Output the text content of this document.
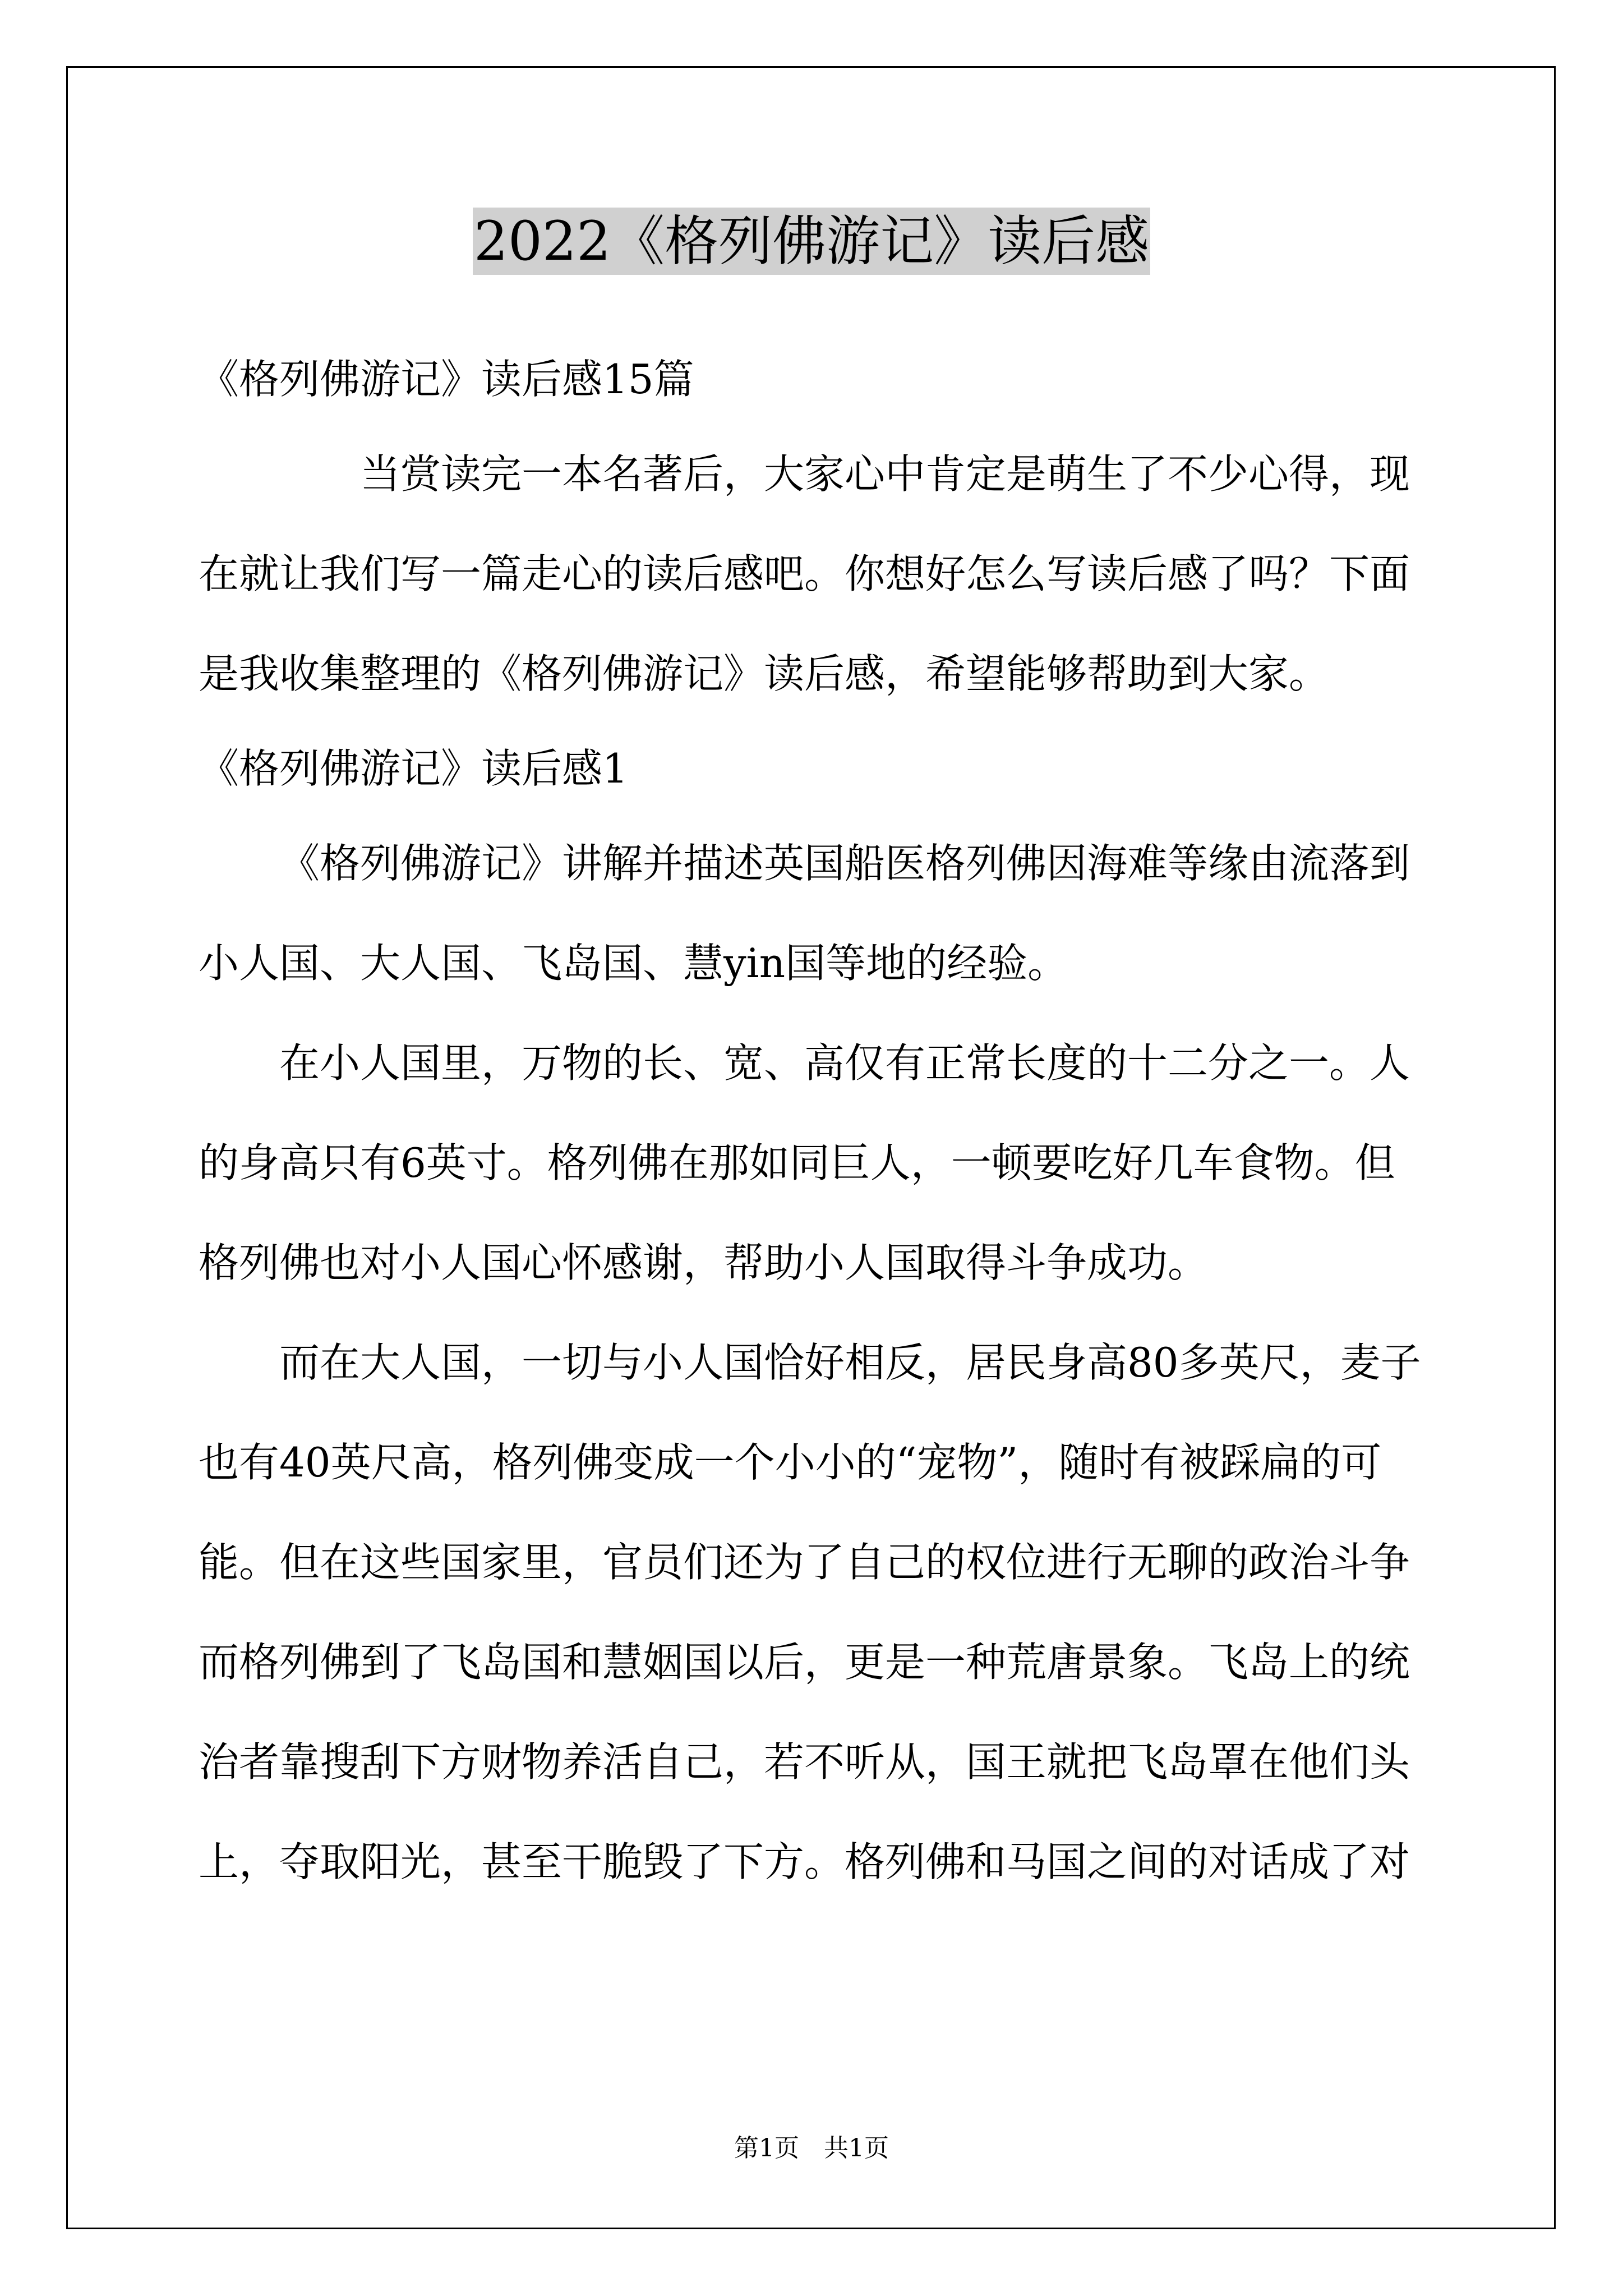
2022《格列佛游记》读后感
《格列佛游记》读后感15篇
当赏读完一本名著后，大家心中肯定是萌生了不少心得，现在就让我们写一篇走心的读后感吧。你想好怎么写读后感了吗？下面是我收集整理的《格列佛游记》读后感，希望能够帮助到大家。
《格列佛游记》读后感1
《格列佛游记》讲解并描述英国船医格列佛因海难等缘由流落到小人国、大人国、飞岛国、慧yin国等地的经验。
在小人国里，万物的长、宽、高仅有正常长度的十二分之一。人的身高只有6英寸。格列佛在那如同巨人，一顿要吃好几车食物。但格列佛也对小人国心怀感谢，帮助小人国取得斗争成功。
而在大人国，一切与小人国恰好相反，居民身高80多英尺，麦子也有40英尺高，格列佛变成一个小小的“宠物”，随时有被踩扁的可能。但在这些国家里，官员们还为了自己的权位进行无聊的政治斗争而格列佛到了飞岛国和慧姻国以后，更是一种荒唐景象。飞岛上的统治者靠搜刮下方财物养活自己，若不听从，国王就把飞岛罩在他们头上，夺取阳光，甚至干脆毁了下方。格列佛和马国之间的对话成了对
第1页　共1页
